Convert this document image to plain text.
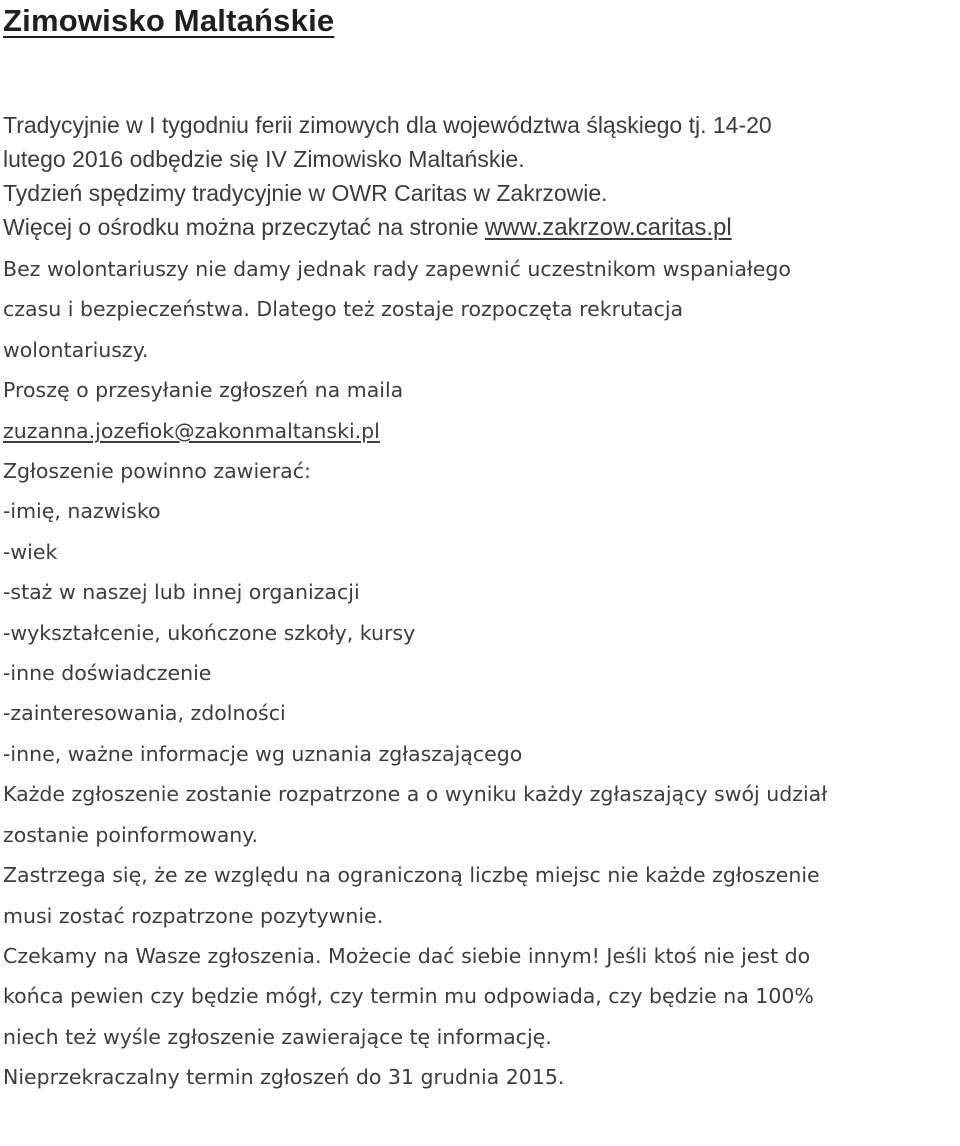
Zimowisko Maltańskie

Tradycyjnie w I tygodniu ferii zimowych dla województwa śląskiego tj. 14-20

lutego 2016 odbędzie się IV Zimowisko Maltańskie.

Tydzień spędzimy tradycyjnie w OWR Caritas w Zakrzowie.

Więcej o ośrodku można przeczytać na stronie www.zakrzow.caritas.pl

Bez wolontariuszy nie damy jednak rady zapewnić uczestnikom wspaniałego

czasu i bezpieczeństwa. Dlatego też zostaje rozpoczęta rekrutacja

wolontariuszy.

Proszę o przesyłanie zgłoszeń na maila

zuzanna.jozefiok@zakonmaltanski.pl

Zgłoszenie powinno zawierać:

-imię, nazwisko

-wiek

-staż w naszej lub innej organizacji

-wykształcenie, ukończone szkoły, kursy

-inne doświadczenie

-zainteresowania, zdolności

-inne, ważne informacje wg uznania zgłaszającego

Każde zgłoszenie zostanie rozpatrzone a o wyniku każdy zgłaszający swój udział

zostanie poinformowany.

Zastrzega się, że ze względu na ograniczoną liczbę miejsc nie każde zgłoszenie

musi zostać rozpatrzone pozytywnie.

Czekamy na Wasze zgłoszenia. Możecie dać siebie innym! Jeśli ktoś nie jest do

końca pewien czy będzie mógł, czy termin mu odpowiada, czy będzie na 100%

niech też wyśle zgłoszenie zawierające tę informację.

Nieprzekraczalny termin zgłoszeń do 31 grudnia 2015.
